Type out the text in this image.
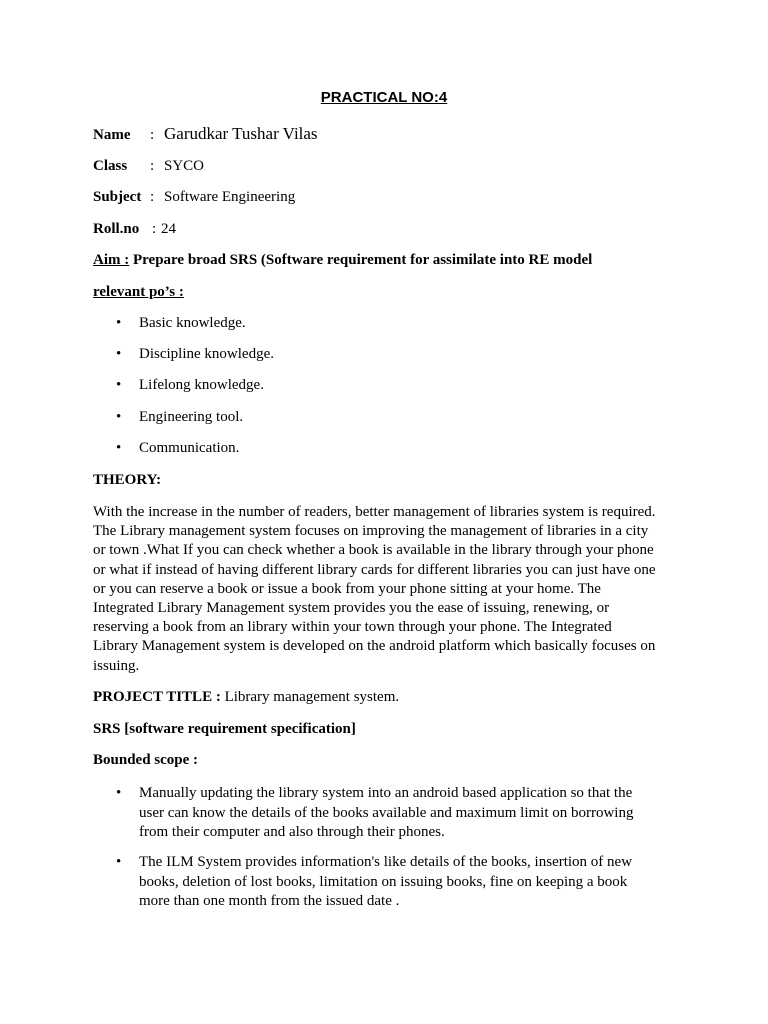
PRACTICAL NO:4
Name : Garudkar Tushar Vilas
Class : SYCO
Subject : Software Engineering
Roll.no : 24
Aim : Prepare broad SRS (Software requirement for assimilate into RE model
relevant po’s :
• Basic knowledge.
• Discipline knowledge.
• Lifelong knowledge.
• Engineering tool.
• Communication.
THEORY:
With the increase in the number of readers, better management of libraries system is required.
The Library management system focuses on improving the management of libraries in a city
or town .What If you can check whether a book is available in the library through your phone
or what if instead of having different library cards for different libraries you can just have one
or you can reserve a book or issue a book from your phone sitting at your home. The
Integrated Library Management system provides you the ease of issuing, renewing, or
reserving a book from an library within your town through your phone. The Integrated
Library Management system is developed on the android platform which basically focuses on
issuing.
PROJECT TITLE : Library management system.
SRS [software requirement specification]
Bounded scope :
• Manually updating the library system into an android based application so that the
user can know the details of the books available and maximum limit on borrowing
from their computer and also through their phones.
• The ILM System provides information's like details of the books, insertion of new
books, deletion of lost books, limitation on issuing books, fine on keeping a book
more than one month from the issued date .
